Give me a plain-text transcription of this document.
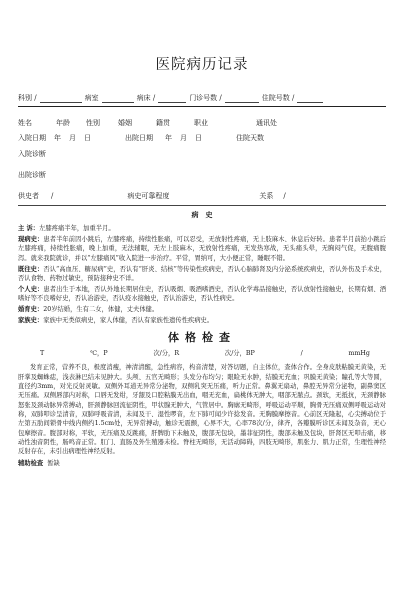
医院病历记录
科别 /	病室	病床 /	门诊号数 /	住院号数 /
姓名	年龄 性别	婚姻	籍贯	职业	通讯处
入院日期 年 月 日	出院日期 年 月 日	住院天数
入院诊断
出院诊断
供史者 /	病史可靠程度	关系 /
病　史
主 诉：左膝疼痛半年，加重半月。
现病史：患者半年前因小跳后，左膝疼痛，持续性胀痛，可以忍受，无放射性疼痛，无上肢麻木、休息后好转。患者半月前抬小跳后左膝疼痛，持续性胀痛，晚上加重，无法辅眠，无左上肢麻木，无放射性疼痛，无发热寒战，无头痛头晕，无胸闷气促，无腹痛腹泻。就来我院就诊，并以“左膝痛风”收入院进一步治疗。平常，胃纳可，大小便正常，睡眠不错。
既往史：否认“高血压、糖尿病”史，否认有“肝炎、结核”等传染性疾病史，否认心脑肺肾及内分泌系统疾病史，否认外伤及手术史，否认食物、药物过敏史，预防接种史不详。
个人史：患者出生于本地，否认外地长期居住史，否认吸烟、吸酒嗜酒史，否认化学毒品接触史，否认放射性接触史，长期有烟、酒嗜好等不良嗜好史，否认冶游史，否认疫水接触史，否认治游史，否认性病史。
婚育史：20岁结婚，生有二女，体健，丈夫体健。
家族史：家族中无类似病史，家人体健，否认有家族性遗传性疾病史。
体格检查
T	℃，P	次/分，R	次/分，BP	/	mmHg
发育正常，营养不良，极度消瘦，神清清醒，急性病容，构音清楚，对答切题，自主体位，查体合作。全身皮肤粘膜无黄染，无肝掌及蜘蛛痣，浅表淋巴结未见肿大。头颅、五官无畸形；头发分布均匀；眼睑无水肿，结膜无充血；巩膜无黄染；瞳孔等大等圆，直径约3mm，对光反射灵敏。双侧外耳道无异常分泌物，双侧乳突无压痛，听力正常。鼻翼无扇动，鼻腔无异常分泌物，副鼻窦区无压痛。双侧唇部内对称，口唇无发绀，牙龈及口腔粘膜无出血，咽无充血，扁桃体无肿大，咽部无脓点。颈软，无抵抗，无颈静脉怒张及颈动脉异常搏动，肝颈静脉回流征阴性，甲状腺无肿大，气管居中。胸廓无畸形，呼吸运动平顺，胸骨无压痛双侧呼吸运动对称，双肺叩诊呈清音，双肺呼吸音清，未闻及干、湿性啰音，左下肺可闻少许捻发音。无胸膜摩擦音。心前区无隆起，心尖搏动位于左第五肋间锁骨中线内侧约1.5cm处，无异常搏动，触诊无震颤，心界不大，心率78次/分，律齐，各瓣膜听诊区未闻及杂音，无心包摩擦音。腹部对称，平软，无压痛及反跳痛，肝脾肋下未触及，腹部无包块，墨菲征阴性，腹部未触及包块，肝肾区无叩击痛，移动性浊音阴性，肠鸣音正常。肛门、直肠及外生殖器未检。脊柱无畸形，无活动障碍，四肢无畸形，肌张力、肌力正常，生理性神经反射存在，未引出病理性神经反射。
辅助检查 暂缺
